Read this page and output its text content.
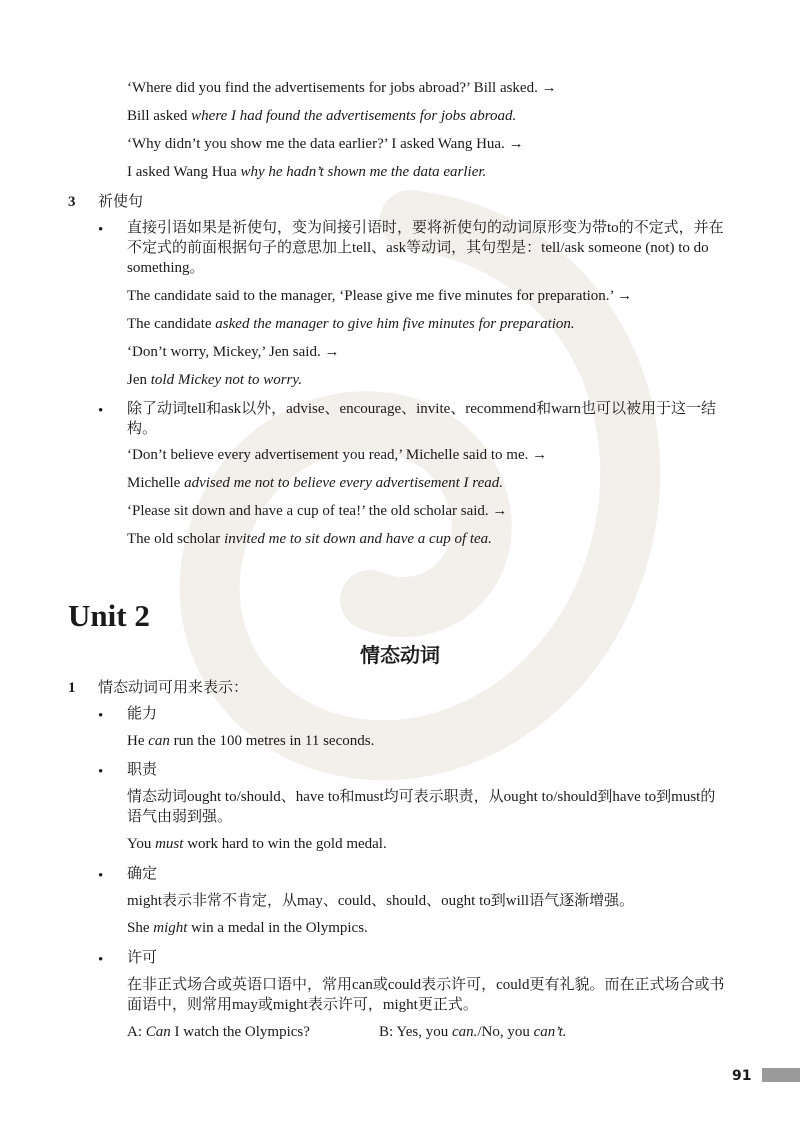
‘Where did you find the advertisements for jobs abroad?’ Bill asked. →
Bill asked where I had found the advertisements for jobs abroad.
‘Why didn’t you show me the data earlier?’ I asked Wang Hua. →
I asked Wang Hua why he hadn’t shown me the data earlier.
3 祈使句
• 直接引语如果是祈使句，变为间接引语时，要将祈使句的动词原形变为带to的不定式，并在不定式的前面根据句子的意思加上tell、ask等动词，其句型是：tell/ask someone (not) to do something。
The candidate said to the manager, ‘Please give me five minutes for preparation.’ →
The candidate asked the manager to give him five minutes for preparation.
‘Don’t worry, Mickey,’ Jen said. →
Jen told Mickey not to worry.
• 除了动词tell和ask以外，advise、encourage、invite、recommend和warn也可以被用于这一结构。
‘Don’t believe every advertisement you read,’ Michelle said to me. →
Michelle advised me not to believe every advertisement I read.
‘Please sit down and have a cup of tea!’ the old scholar said. →
The old scholar invited me to sit down and have a cup of tea.
Unit 2
情态动词
1 情态动词可用来表示：
• 能力
He can run the 100 metres in 11 seconds.
• 职责
情态动词ought to/should、have to和must均可表示职责，从ought to/should到have to到must的语气由弱到强。
You must work hard to win the gold medal.
• 确定
might表示非常不肯定，从may、could、should、ought to到will语气逐渐增强。
She might win a medal in the Olympics.
• 许可
在非正式场合或英语口语中，常用can或could表示许可，could更有礼貌。而在正式场合或书面语中，则常用may或might表示许可，might更正式。
A: Can I watch the Olympics?	B: Yes, you can./No, you can’t.
91
